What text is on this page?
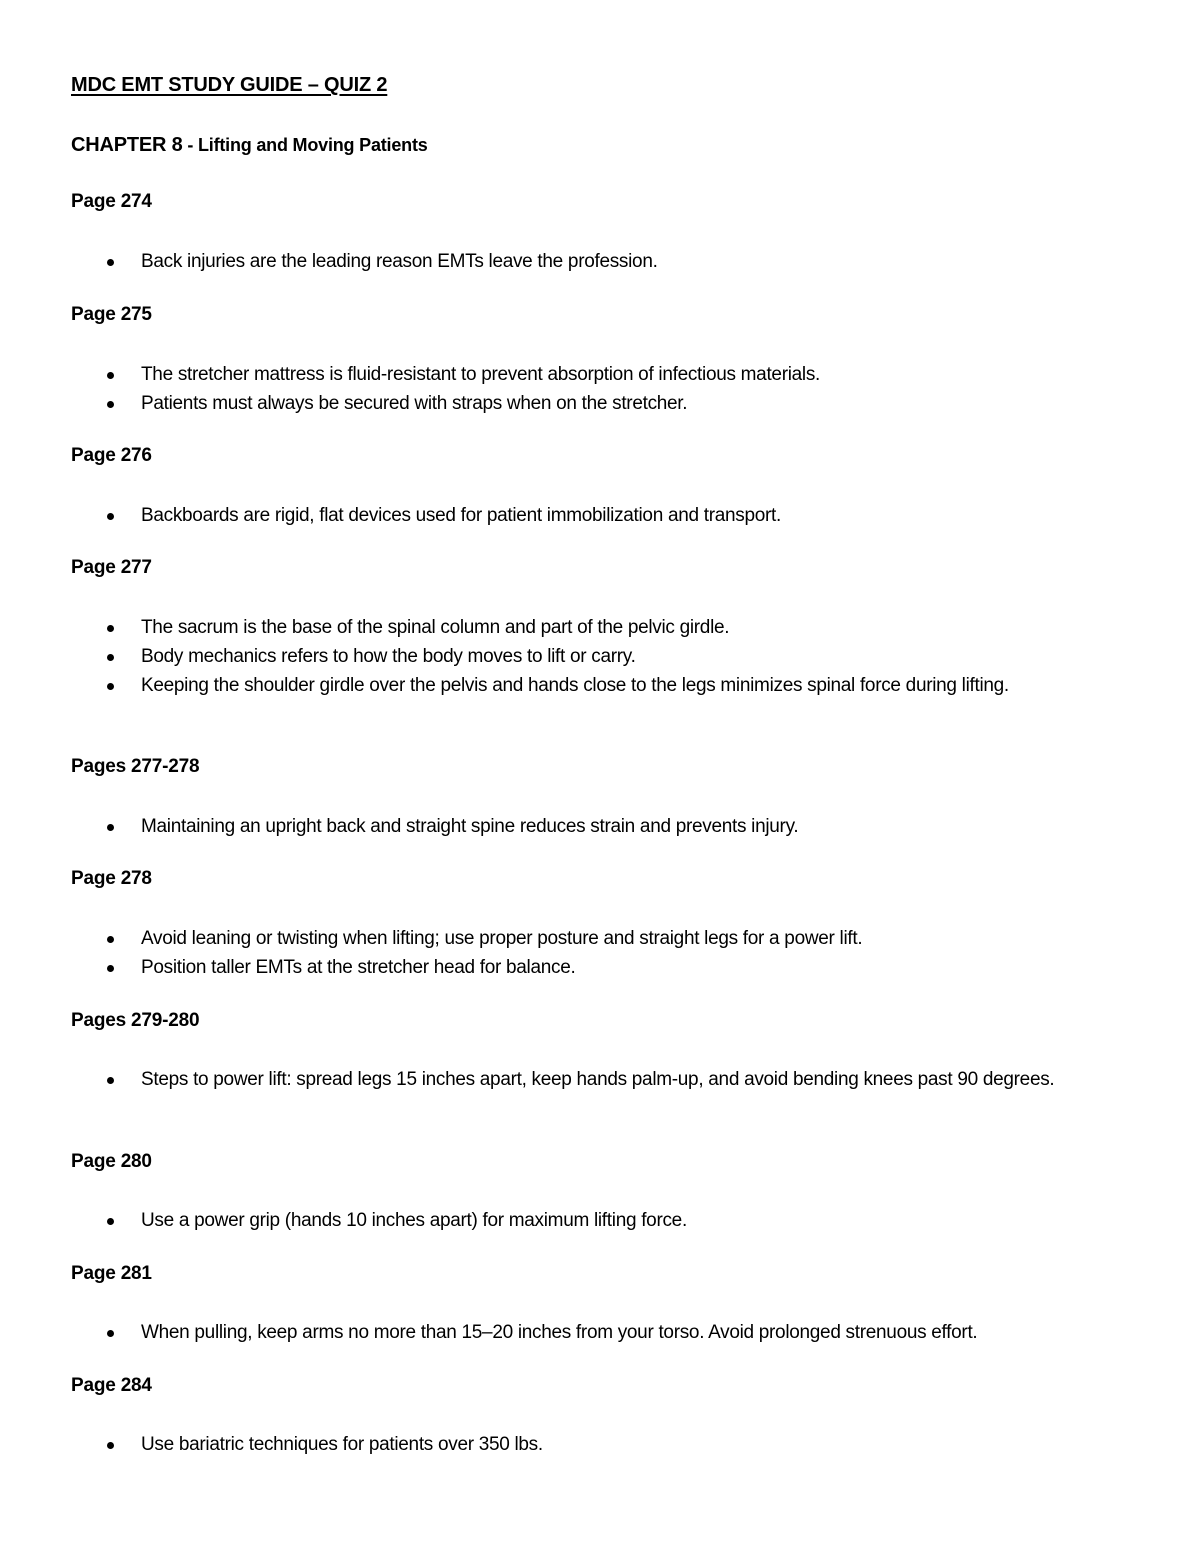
MDC EMT STUDY GUIDE – QUIZ 2
CHAPTER 8 - Lifting and Moving Patients
Page 274
Back injuries are the leading reason EMTs leave the profession.
Page 275
The stretcher mattress is fluid-resistant to prevent absorption of infectious materials.
Patients must always be secured with straps when on the stretcher.
Page 276
Backboards are rigid, flat devices used for patient immobilization and transport.
Page 277
The sacrum is the base of the spinal column and part of the pelvic girdle.
Body mechanics refers to how the body moves to lift or carry.
Keeping the shoulder girdle over the pelvis and hands close to the legs minimizes spinal force during lifting.
Pages 277-278
Maintaining an upright back and straight spine reduces strain and prevents injury.
Page 278
Avoid leaning or twisting when lifting; use proper posture and straight legs for a power lift.
Position taller EMTs at the stretcher head for balance.
Pages 279-280
Steps to power lift: spread legs 15 inches apart, keep hands palm-up, and avoid bending knees past 90 degrees.
Page 280
Use a power grip (hands 10 inches apart) for maximum lifting force.
Page 281
When pulling, keep arms no more than 15–20 inches from your torso. Avoid prolonged strenuous effort.
Page 284
Use bariatric techniques for patients over 350 lbs.
